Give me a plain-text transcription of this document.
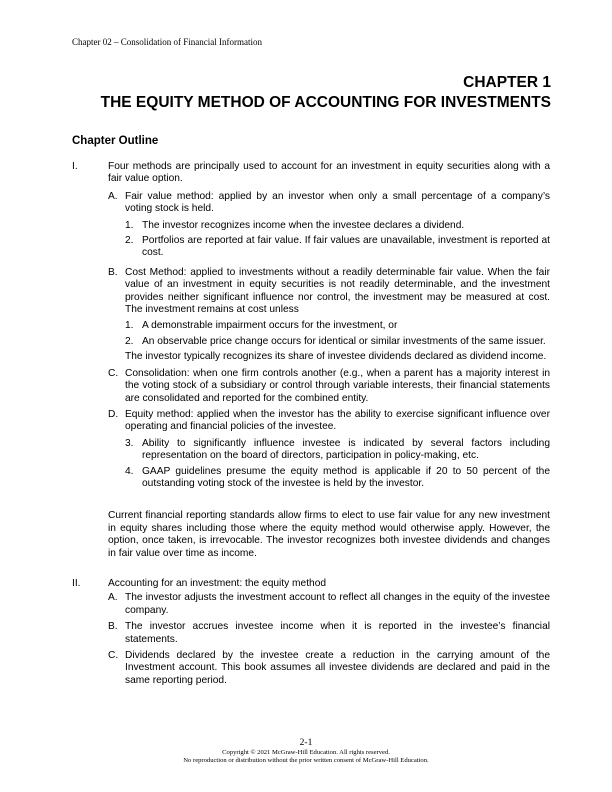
Chapter 02 – Consolidation of Financial Information
CHAPTER 1
THE EQUITY METHOD OF ACCOUNTING FOR INVESTMENTS
Chapter Outline
I.	Four methods are principally used to account for an investment in equity securities along with a fair value option.
A. Fair value method: applied by an investor when only a small percentage of a company’s voting stock is held.
1. The investor recognizes income when the investee declares a dividend.
2. Portfolios are reported at fair value. If fair values are unavailable, investment is reported at cost.
B. Cost Method: applied to investments without a readily determinable fair value. When the fair value of an investment in equity securities is not readily determinable, and the investment provides neither significant influence nor control, the investment may be measured at cost. The investment remains at cost unless
1. A demonstrable impairment occurs for the investment, or
2. An observable price change occurs for identical or similar investments of the same issuer.
The investor typically recognizes its share of investee dividends declared as dividend income.
C. Consolidation: when one firm controls another (e.g., when a parent has a majority interest in the voting stock of a subsidiary or control through variable interests, their financial statements are consolidated and reported for the combined entity.
D. Equity method: applied when the investor has the ability to exercise significant influence over operating and financial policies of the investee.
3. Ability to significantly influence investee is indicated by several factors including representation on the board of directors, participation in policy-making, etc.
4. GAAP guidelines presume the equity method is applicable if 20 to 50 percent of the outstanding voting stock of the investee is held by the investor.
Current financial reporting standards allow firms to elect to use fair value for any new investment in equity shares including those where the equity method would otherwise apply. However, the option, once taken, is irrevocable. The investor recognizes both investee dividends and changes in fair value over time as income.
II.	Accounting for an investment: the equity method
A. The investor adjusts the investment account to reflect all changes in the equity of the investee company.
B. The investor accrues investee income when it is reported in the investee’s financial statements.
C. Dividends declared by the investee create a reduction in the carrying amount of the Investment account. This book assumes all investee dividends are declared and paid in the same reporting period.
2-1
Copyright © 2021 McGraw-Hill Education. All rights reserved.
No reproduction or distribution without the prior written consent of McGraw-Hill Education.
